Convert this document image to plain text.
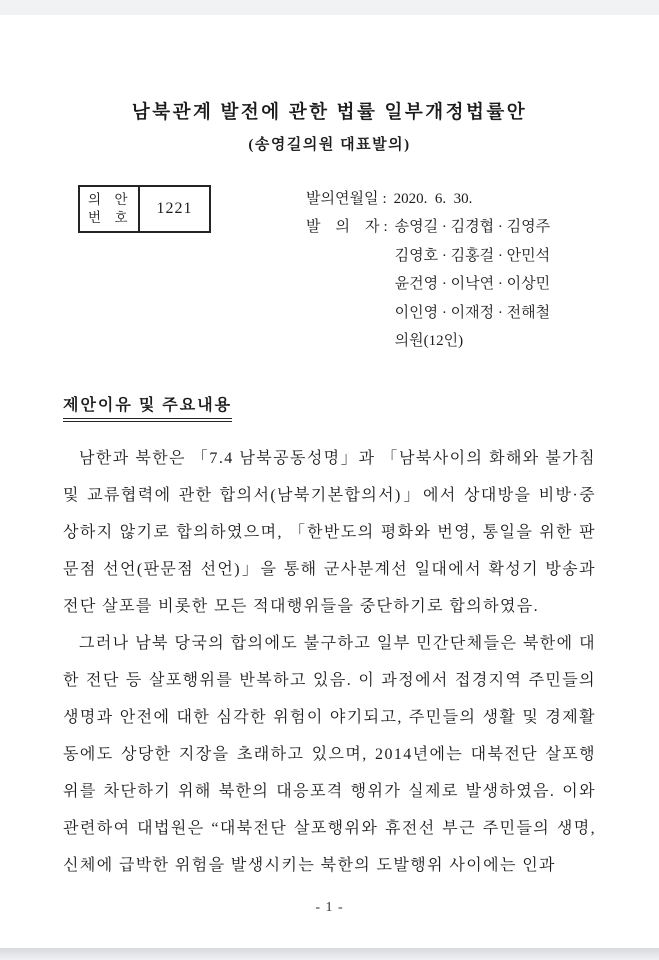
남북관계 발전에 관한 법률 일부개정법률안
(송영길의원 대표발의)
의　안
번　호
1221
발의연월일 : 2020.  6.  30.
발　의　자 : 송영길 · 김경협 · 김영주
김영호 · 김홍걸 · 안민석
윤건영 · 이낙연 · 이상민
이인영 · 이재정 · 전해철
의원(12인)
제안이유 및 주요내용

남한과 북한은 「7.4 남북공동성명」과 「남북사이의 화해와 불가침 및 교류협력에 관한 합의서(남북기본합의서)」에서 상대방을 비방·중상하지 않기로 합의하였으며, 「한반도의 평화와 번영, 통일을 위한 판문점 선언(판문점 선언)」을 통해 군사분계선 일대에서 확성기 방송과 전단 살포를 비롯한 모든 적대행위들을 중단하기로 합의하였음.

그러나 남북 당국의 합의에도 불구하고 일부 민간단체들은 북한에 대한 전단 등 살포행위를 반복하고 있음. 이 과정에서 접경지역 주민들의 생명과 안전에 대한 심각한 위험이 야기되고, 주민들의 생활 및 경제활동에도 상당한 지장을 초래하고 있으며, 2014년에는 대북전단 살포행위를 차단하기 위해 북한의 대응포격 행위가 실제로 발생하였음. 이와 관련하여 대법원은 “대북전단 살포행위와 휴전선 부근 주민들의 생명, 신체에 급박한 위험을 발생시키는 북한의 도발행위 사이에는 인과

- 1 -
